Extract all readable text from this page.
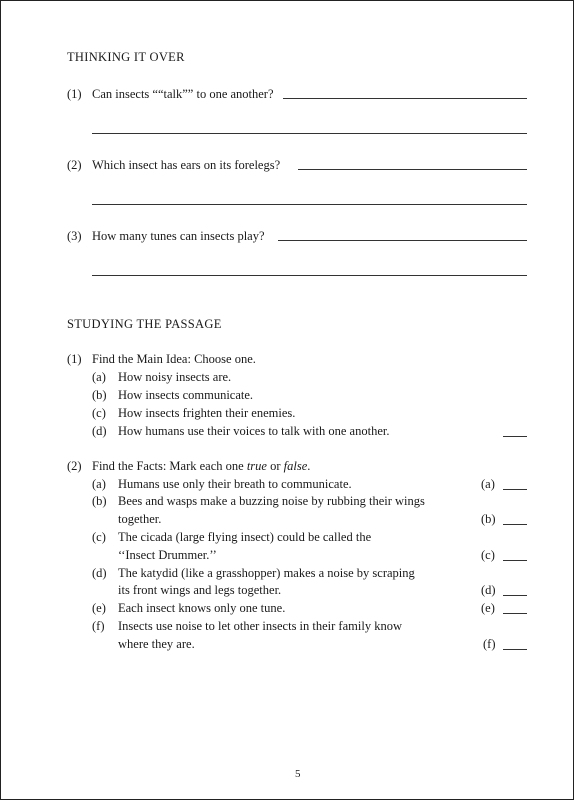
THINKING IT OVER
(1) Can insects ““talk”” to one another?
(2) Which insect has ears on its forelegs?
(3) How many tunes can insects play?
STUDYING THE PASSAGE
(1) Find the Main Idea: Choose one.
(a) How noisy insects are.
(b) How insects communicate.
(c) How insects frighten their enemies.
(d) How humans use their voices to talk with one another.
(2) Find the Facts: Mark each one true or false.
(a) Humans use only their breath to communicate.	(a)
(b) Bees and wasps make a buzzing noise by rubbing their wings
together.	(b)
(c) The cicada (large flying insect) could be called the
‘‘Insect Drummer.’’	(c)
(d) The katydid (like a grasshopper) makes a noise by scraping
its front wings and legs together.	(d)
(e) Each insect knows only one tune.	(e)
(f) Insects use noise to let other insects in their family know
where they are.	(f)
5
